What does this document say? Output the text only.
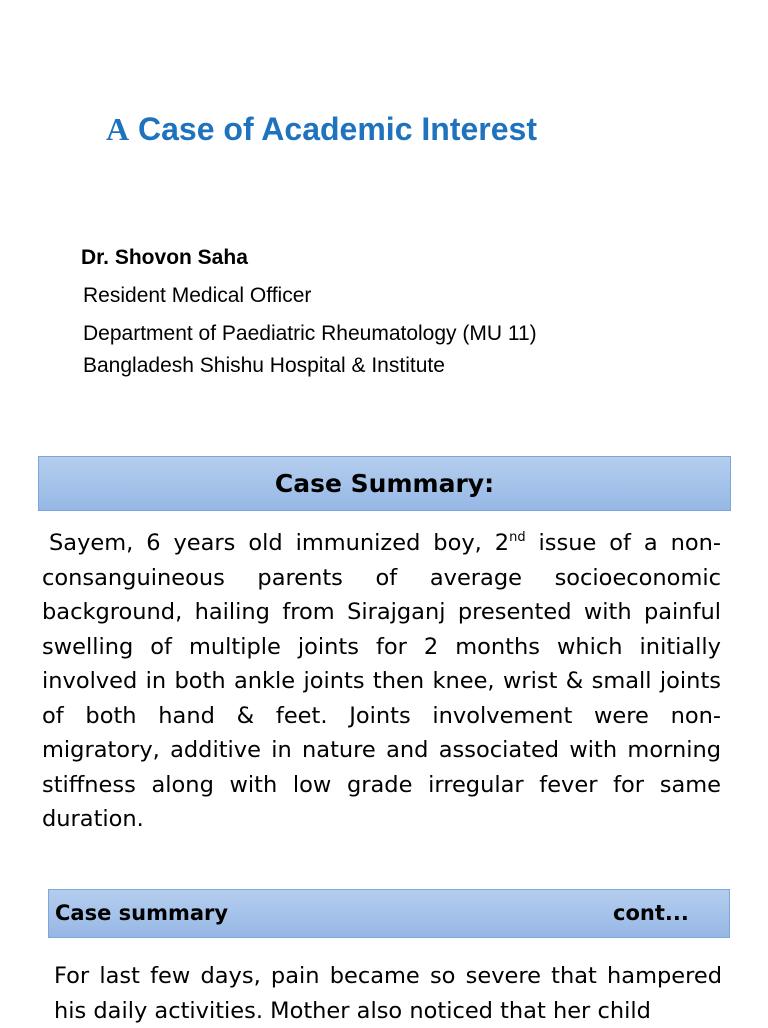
A Case of Academic Interest
Dr. Shovon Saha
Resident Medical Officer
Department of Paediatric Rheumatology (MU 11)
Bangladesh Shishu Hospital & Institute
Case Summary:

Sayem, 6 years old immunized boy, 2nd issue of a non-consanguineous parents of average socioeconomic background, hailing from Sirajganj presented with painful swelling of multiple joints for 2 months which initially involved in both ankle joints then knee, wrist & small joints of both hand & feet. Joints involvement were non-migratory, additive in nature and associated with morning stiffness along with low grade irregular fever for same duration.

Case summary	cont...

For last few days, pain became so severe that hampered his daily activities. Mother also noticed that her child
